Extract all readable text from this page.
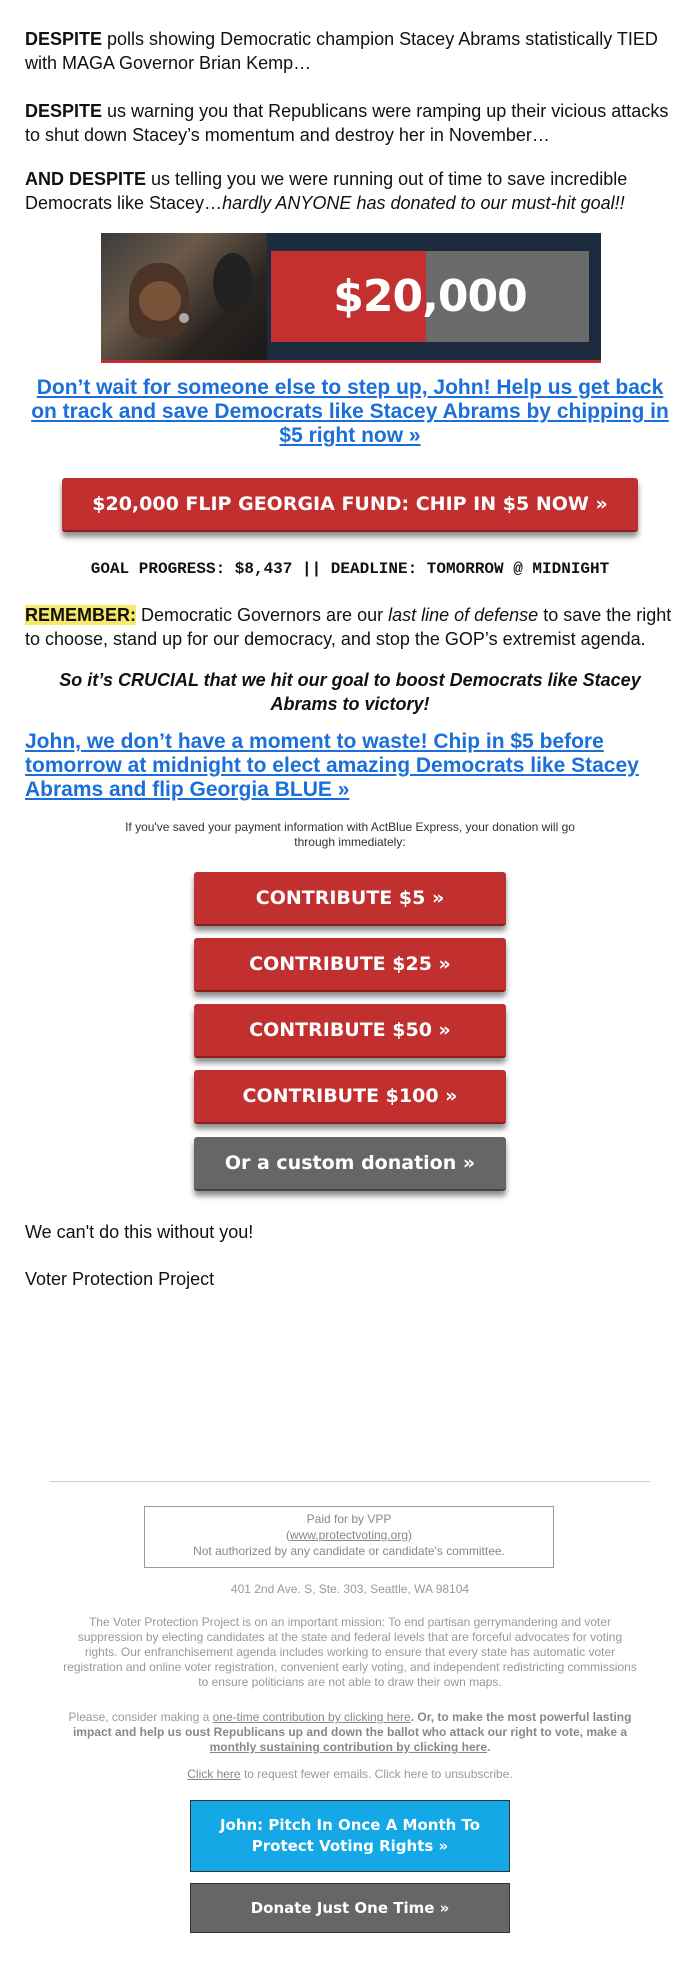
DESPITE polls showing Democratic champion Stacey Abrams statistically TIED with MAGA Governor Brian Kemp…

DESPITE us warning you that Republicans were ramping up their vicious attacks to shut down Stacey’s momentum and destroy her in November…

AND DESPITE us telling you we were running out of time to save incredible Democrats like Stacey…hardly ANYONE has donated to our must-hit goal!!

$20,000
Don’t wait for someone else to step up, John! Help us get back on track and save Democrats like Stacey Abrams by chipping in $5 right now »
$20,000 FLIP GEORGIA FUND: CHIP IN $5 NOW »
GOAL PROGRESS: $8,437 || DEADLINE: TOMORROW @ MIDNIGHT
REMEMBER: Democratic Governors are our last line of defense to save the right to choose, stand up for our democracy, and stop the GOP’s extremist agenda.
So it’s CRUCIAL that we hit our goal to boost Democrats like Stacey Abrams to victory!
John, we don’t have a moment to waste! Chip in $5 before tomorrow at midnight to elect amazing Democrats like Stacey Abrams and flip Georgia BLUE »
If you've saved your payment information with ActBlue Express, your donation will go through immediately:
CONTRIBUTE $5 »
CONTRIBUTE $25 »
CONTRIBUTE $50 »
CONTRIBUTE $100 »
Or a custom donation »
We can't do this without you!
Voter Protection Project
Paid for by VPP
(www.protectvoting.org)
Not authorized by any candidate or candidate's committee.
401 2nd Ave. S, Ste. 303, Seattle, WA 98104
The Voter Protection Project is on an important mission: To end partisan gerrymandering and voter suppression by electing candidates at the state and federal levels that are forceful advocates for voting rights. Our enfranchisement agenda includes working to ensure that every state has automatic voter registration and online voter registration, convenient early voting, and independent redistricting commissions to ensure politicians are not able to draw their own maps.
Please, consider making a one-time contribution by clicking here. Or, to make the most powerful lasting impact and help us oust Republicans up and down the ballot who attack our right to vote, make a monthly sustaining contribution by clicking here.
Click here to request fewer emails. Click here to unsubscribe.
John: Pitch In Once A Month To Protect Voting Rights »
Donate Just One Time »
